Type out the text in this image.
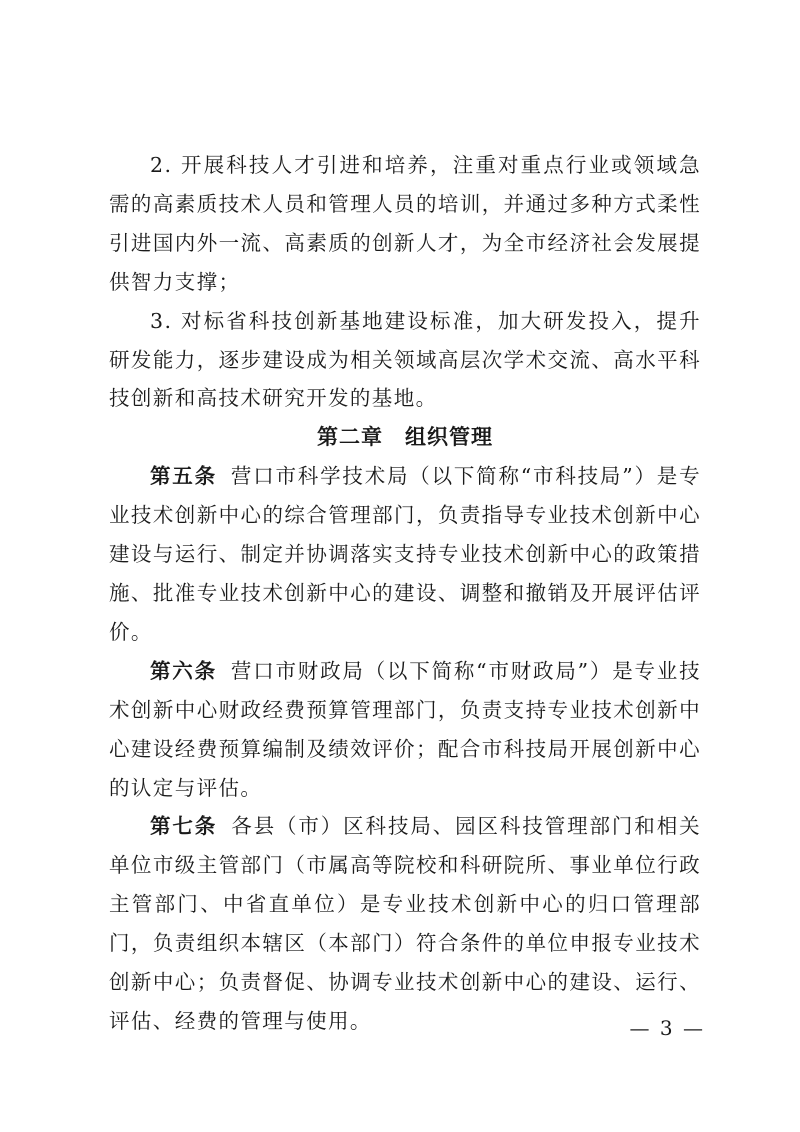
2. 开展科技人才引进和培养，注重对重点行业或领域急需的高素质技术人员和管理人员的培训，并通过多种方式柔性引进国内外一流、高素质的创新人才，为全市经济社会发展提供智力支撑；

3. 对标省科技创新基地建设标准，加大研发投入，提升研发能力，逐步建设成为相关领域高层次学术交流、高水平科技创新和高技术研究开发的基地。

第二章 组织管理

第五条 营口市科学技术局（以下简称“市科技局”）是专业技术创新中心的综合管理部门，负责指导专业技术创新中心建设与运行、制定并协调落实支持专业技术创新中心的政策措施、批准专业技术创新中心的建设、调整和撤销及开展评估评价。

第六条 营口市财政局（以下简称“市财政局”）是专业技术创新中心财政经费预算管理部门，负责支持专业技术创新中心建设经费预算编制及绩效评价；配合市科技局开展创新中心的认定与评估。

第七条 各县（市）区科技局、园区科技管理部门和相关单位市级主管部门（市属高等院校和科研院所、事业单位行政主管部门、中省直单位）是专业技术创新中心的归口管理部门，负责组织本辖区（本部门）符合条件的单位申报专业技术创新中心；负责督促、协调专业技术创新中心的建设、运行、评估、经费的管理与使用。	— 3 —
